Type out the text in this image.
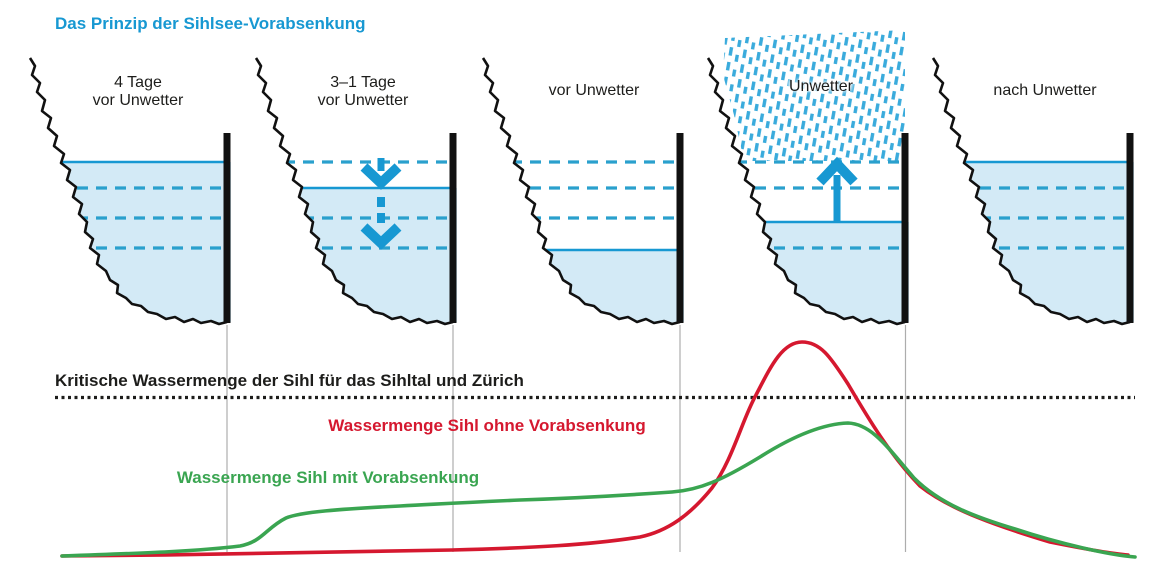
Das Prinzip der Sihlsee-Vorabsenkung
4 Tage
vor Unwetter
3–1 Tage
vor Unwetter
vor Unwetter	Unwetter	nach Unwetter
Kritische Wassermenge der Sihl für das Sihltal und Zürich
Wassermenge Sihl ohne Vorabsenkung
Wassermenge Sihl mit Vorabsenkung
